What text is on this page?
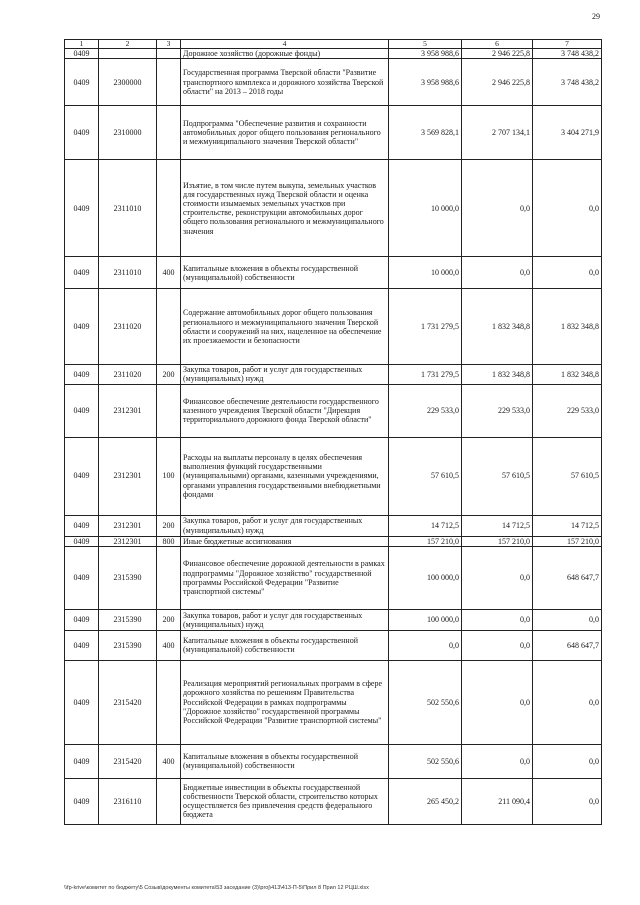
29
1	2	3	4	5	6	7
0409			Дорожное хозяйство (дорожные фонды)	3 958 988,6	2 946 225,8	3 748 438,2
0409	2300000		Государственная программа Тверской области "Развитие транспортного комплекса и дорожного хозяйства Тверской области" на 2013 – 2018 годы	3 958 988,6	2 946 225,8	3 748 438,2
0409	2310000		Подпрограмма "Обеспечение развития и сохранности автомобильных дорог общего пользования регионального и межмуниципального значения Тверской области"	3 569 828,1	2 707 134,1	3 404 271,9
0409	2311010		Изъятие, в том числе путем выкупа, земельных участков для государственных нужд Тверской области и оценка стоимости изымаемых земельных участков при строительстве, реконструкции автомобильных дорог общего пользования регионального и межмуниципального значения	10 000,0	0,0	0,0
0409	2311010	400	Капитальные вложения в объекты государственной (муниципальной) собственности	10 000,0	0,0	0,0
0409	2311020		Содержание автомобильных дорог общего пользования регионального и межмуниципального значения Тверской области и сооружений на них, нацеленное на обеспечение их проезжаемости и безопасности	1 731 279,5	1 832 348,8	1 832 348,8
0409	2311020	200	Закупка товаров, работ и услуг для государственных (муниципальных) нужд	1 731 279,5	1 832 348,8	1 832 348,8
0409	2312301		Финансовое обеспечение деятельности государственного казенного учреждения Тверской области "Дирекция территориального дорожного фонда Тверской области"	229 533,0	229 533,0	229 533,0
0409	2312301	100	Расходы на выплаты персоналу в целях обеспечения выполнения функций государственными (муниципальными) органами, казенными учреждениями, органами управления государственными внебюджетными фондами	57 610,5	57 610,5	57 610,5
0409	2312301	200	Закупка товаров, работ и услуг для государственных (муниципальных) нужд	14 712,5	14 712,5	14 712,5
0409	2312301	800	Иные бюджетные ассигнования	157 210,0	157 210,0	157 210,0
0409	2315390		Финансовое обеспечение дорожной деятельности в рамках подпрограммы "Дорожное хозяйство" государственной программы Российской Федерации "Развитие транспортной системы"	100 000,0	0,0	648 647,7
0409	2315390	200	Закупка товаров, работ и услуг для государственных (муниципальных) нужд	100 000,0	0,0	0,0
0409	2315390	400	Капитальные вложения в объекты государственной (муниципальной) собственности	0,0	0,0	648 647,7
0409	2315420		Реализация мероприятий региональных программ в сфере дорожного хозяйства по решениям Правительства Российской Федерации в рамках подпрограммы "Дорожное хозяйство" государственной программы Российской Федерации "Развитие транспортной системы"	502 550,6	0,0	0,0
0409	2315420	400	Капитальные вложения в объекты государственной (муниципальной) собственности	502 550,6	0,0	0,0
0409	2316110		Бюджетные инвестиции в объекты государственной собственности Тверской области, строительство которых осуществляется без привлечения средств федерального бюджета	265 450,2	211 090,4	0,0
\\fp-krive\комитет по бюджету\5 Созыв\документы комитета\53 заседание (3)\proj\413\413-П-5\Прил 8 Прил 12 РЦШ.xlsx
